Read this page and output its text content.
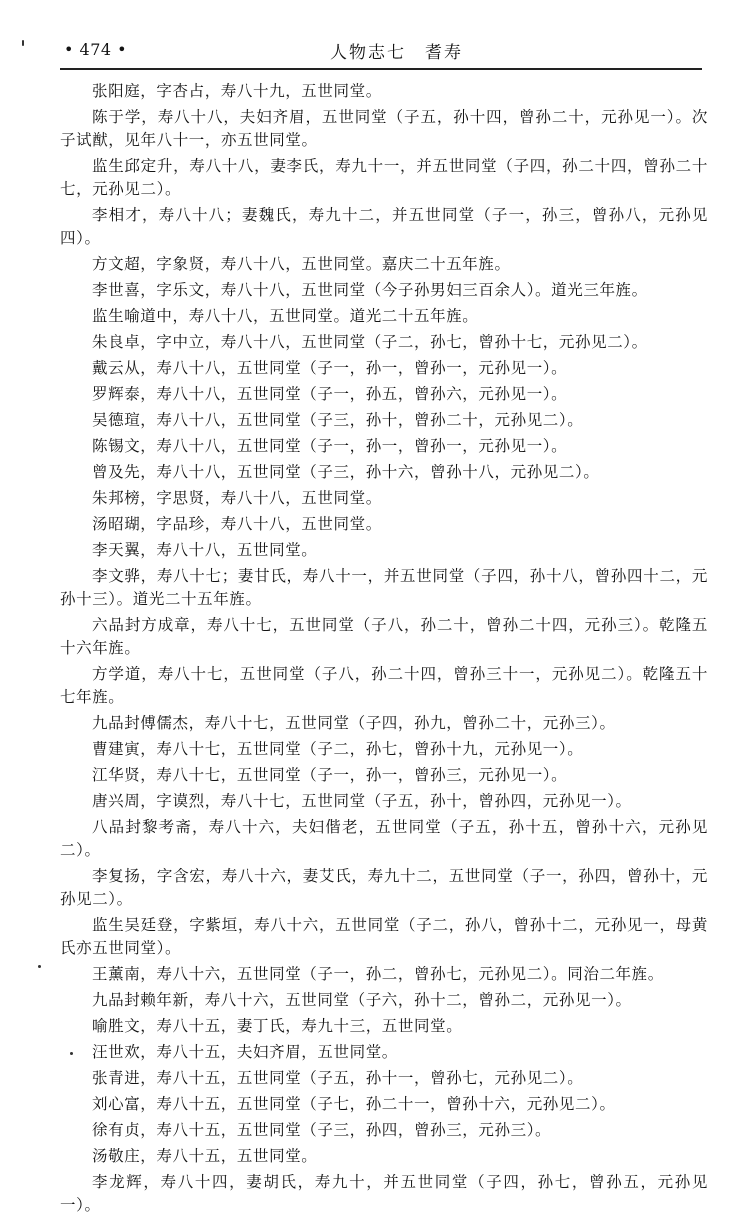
• 474 •	人物志七　耆寿

张阳庭，字杏占，寿八十九，五世同堂。

陈于学，寿八十八，夫妇齐眉，五世同堂（子五，孙十四，曾孙二十，元孙见一）。次子试猷，见年八十一，亦五世同堂。

监生邱定升，寿八十八，妻李氏，寿九十一，并五世同堂（子四，孙二十四，曾孙二十七，元孙见二）。

李相才，寿八十八；妻魏氏，寿九十二，并五世同堂（子一，孙三，曾孙八，元孙见四）。

方文超，字象贤，寿八十八，五世同堂。嘉庆二十五年旌。

李世喜，字乐文，寿八十八，五世同堂（今子孙男妇三百余人）。道光三年旌。

监生喻道中，寿八十八，五世同堂。道光二十五年旌。

朱良卓，字中立，寿八十八，五世同堂（子二，孙七，曾孙十七，元孙见二）。

戴云从，寿八十八，五世同堂（子一，孙一，曾孙一，元孙见一）。

罗辉泰，寿八十八，五世同堂（子一，孙五，曾孙六，元孙见一）。

吴德瑄，寿八十八，五世同堂（子三，孙十，曾孙二十，元孙见二）。

陈锡文，寿八十八，五世同堂（子一，孙一，曾孙一，元孙见一）。

曾及先，寿八十八，五世同堂（子三，孙十六，曾孙十八，元孙见二）。

朱邦榜，字思贤，寿八十八，五世同堂。

汤昭瑚，字品珍，寿八十八，五世同堂。

李天翼，寿八十八，五世同堂。

李文骅，寿八十七；妻甘氏，寿八十一，并五世同堂（子四，孙十八，曾孙四十二，元孙十三）。道光二十五年旌。

六品封方成章，寿八十七，五世同堂（子八，孙二十，曾孙二十四，元孙三）。乾隆五十六年旌。

方学道，寿八十七，五世同堂（子八，孙二十四，曾孙三十一，元孙见二）。乾隆五十七年旌。

九品封傅儒杰，寿八十七，五世同堂（子四，孙九，曾孙二十，元孙三）。

曹建寅，寿八十七，五世同堂（子二，孙七，曾孙十九，元孙见一）。

江华贤，寿八十七，五世同堂（子一，孙一，曾孙三，元孙见一）。

唐兴周，字谟烈，寿八十七，五世同堂（子五，孙十，曾孙四，元孙见一）。

八品封黎考斋，寿八十六，夫妇偕老，五世同堂（子五，孙十五，曾孙十六，元孙见二）。

李复扬，字含宏，寿八十六，妻艾氏，寿九十二，五世同堂（子一，孙四，曾孙十，元孙见二）。

监生吴廷登，字紫垣，寿八十六，五世同堂（子二，孙八，曾孙十二，元孙见一，母黄氏亦五世同堂）。

王薰南，寿八十六，五世同堂（子一，孙二，曾孙七，元孙见二）。同治二年旌。

九品封赖年新，寿八十六，五世同堂（子六，孙十二，曾孙二，元孙见一）。

喻胜文，寿八十五，妻丁氏，寿九十三，五世同堂。

汪世欢，寿八十五，夫妇齐眉，五世同堂。

张青进，寿八十五，五世同堂（子五，孙十一，曾孙七，元孙见二）。

刘心富，寿八十五，五世同堂（子七，孙二十一，曾孙十六，元孙见二）。

徐有贞，寿八十五，五世同堂（子三，孙四，曾孙三，元孙三）。

汤敬庄，寿八十五，五世同堂。

李龙辉，寿八十四，妻胡氏，寿九十，并五世同堂（子四，孙七，曾孙五，元孙见一）。
